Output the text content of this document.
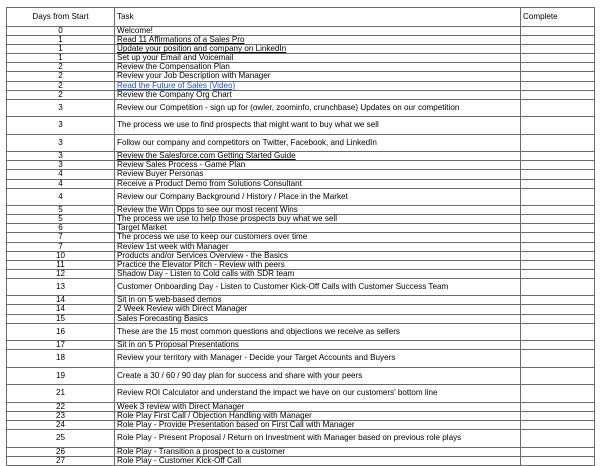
Days from Start	Task	Complete
0	Welcome!	
1	Read 11 Affirmations of a Sales Pro	
1	Update your position and company on LinkedIn	
1	Set up your Email and Voicemail	
2	Review the Compensation Plan	
2	Review your Job Description with Manager	
2	Read the Future of Sales (Video)	
2	Review the Company Org Chart	
3	Review our Competition - sign up for (owler, zoominfo, crunchbase) Updates on our competition	
3	The process we use to find prospects that might want to buy what we sell	
3	Follow our company and competitors on Twitter, Facebook, and LinkedIn	
3	Review the Salesforce.com Getting Started Guide	
3	Review Sales Process - Game Plan	
4	Review Buyer Personas	
4	Receive a Product Demo from Solutions Consultant	
4	Review our Company Background / History / Place in the Market	
5	Review the Win Opps to see our most recent Wins	
5	The process we use to help those prospects buy what we sell	
6	Target Market	
7	The process we use to keep our customers over time	
7	Review 1st week with Manager	
10	Products and/or Services Overview - the Basics	
11	Practice the Elevator Pitch - Review with peers	
12	Shadow Day - Listen to Cold calls with SDR team	
13	Customer Onboarding Day - Listen to Customer Kick-Off Calls with Customer Success Team	
14	Sit in on 5 web-based demos	
14	2 Week Review with Direct Manager	
15	Sales Forecasting Basics	
16	These are the 15 most common questions and objections we receive as sellers	
17	Sit in on 5 Proposal Presentations	
18	Review your territory with Manager - Decide your Target Accounts and Buyers	
19	Create a 30 / 60 / 90 day plan for success and share with your peers	
21	Review ROI Calculator and understand the impact we have on our customers' bottom line	
22	Week 3 review with Direct Manager	
23	Role Play First Call / Objection Handling with Manager	
24	Role Play - Provide Presentation based on First Call with Manager	
25	Role Play - Present Proposal / Return on Investment with Manager based on previous role plays	
26	Role Play - Transition a prospect to a customer	
27	Role Play - Customer Kick-Off Call	
